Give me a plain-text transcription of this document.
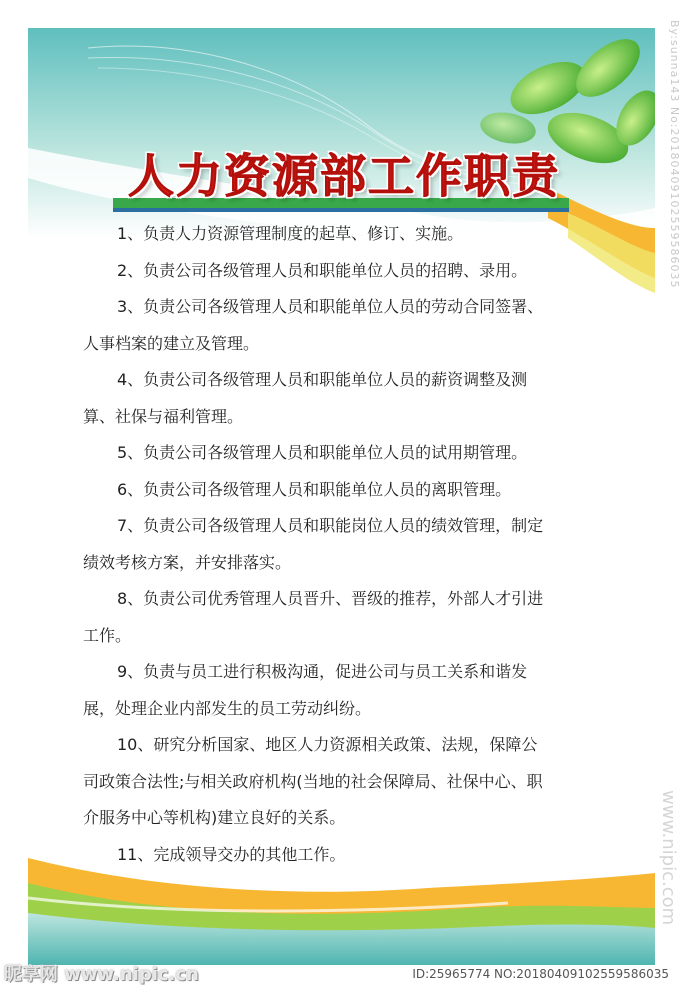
人力资源部工作职责
1、负责人力资源管理制度的起草、修订、实施。
2、负责公司各级管理人员和职能单位人员的招聘、录用。
3、负责公司各级管理人员和职能单位人员的劳动合同签署、
人事档案的建立及管理。
4、负责公司各级管理人员和职能单位人员的薪资调整及测
算、社保与福利管理。
5、负责公司各级管理人员和职能单位人员的试用期管理。
6、负责公司各级管理人员和职能单位人员的离职管理。
7、负责公司各级管理人员和职能岗位人员的绩效管理，制定
绩效考核方案，并安排落实。
8、负责公司优秀管理人员晋升、晋级的推荐，外部人才引进
工作。
9、负责与员工进行积极沟通，促进公司与员工关系和谐发
展，处理企业内部发生的员工劳动纠纷。
10、研究分析国家、地区人力资源相关政策、法规，保障公
司政策合法性;与相关政府机构(当地的社会保障局、社保中心、职
介服务中心等机构)建立良好的关系。
11、完成领导交办的其他工作。
昵享网 www.nipic.cn	ID:25965774 NO:20180409102559586035
By:sunna143 No:20180409102559586035
www.nipic.com
